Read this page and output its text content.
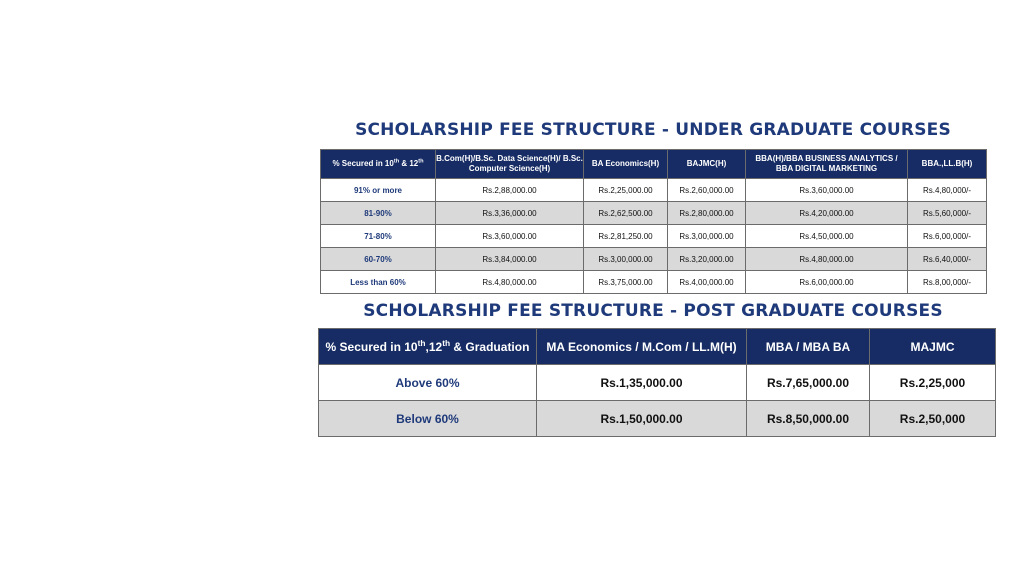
SCHOLARSHIP FEE STRUCTURE - UNDER GRADUATE COURSES
% Secured in 10th & 12th	B.Com(H)/B.Sc. Data Science(H)/ B.Sc. Computer Science(H)	BA Economics(H)	BAJMC(H)	BBA(H)/BBA BUSINESS ANALYTICS / BBA DIGITAL MARKETING	BBA.,LL.B(H)
91% or more	Rs.2,88,000.00	Rs.2,25,000.00	Rs.2,60,000.00	Rs.3,60,000.00	Rs.4,80,000/-
81-90%	Rs.3,36,000.00	Rs.2,62,500.00	Rs.2,80,000.00	Rs.4,20,000.00	Rs.5,60,000/-
71-80%	Rs.3,60,000.00	Rs.2,81,250.00	Rs.3,00,000.00	Rs.4,50,000.00	Rs.6,00,000/-
60-70%	Rs.3,84,000.00	Rs.3,00,000.00	Rs.3,20,000.00	Rs.4,80,000.00	Rs.6,40,000/-
Less than 60%	Rs.4,80,000.00	Rs.3,75,000.00	Rs.4,00,000.00	Rs.6,00,000.00	Rs.8,00,000/-
SCHOLARSHIP FEE STRUCTURE - POST GRADUATE COURSES
% Secured in 10th,12th & Graduation	MA Economics / M.Com / LL.M(H)	MBA / MBA BA	MAJMC
Above 60%	Rs.1,35,000.00	Rs.7,65,000.00	Rs.2,25,000
Below 60%	Rs.1,50,000.00	Rs.8,50,000.00	Rs.2,50,000
